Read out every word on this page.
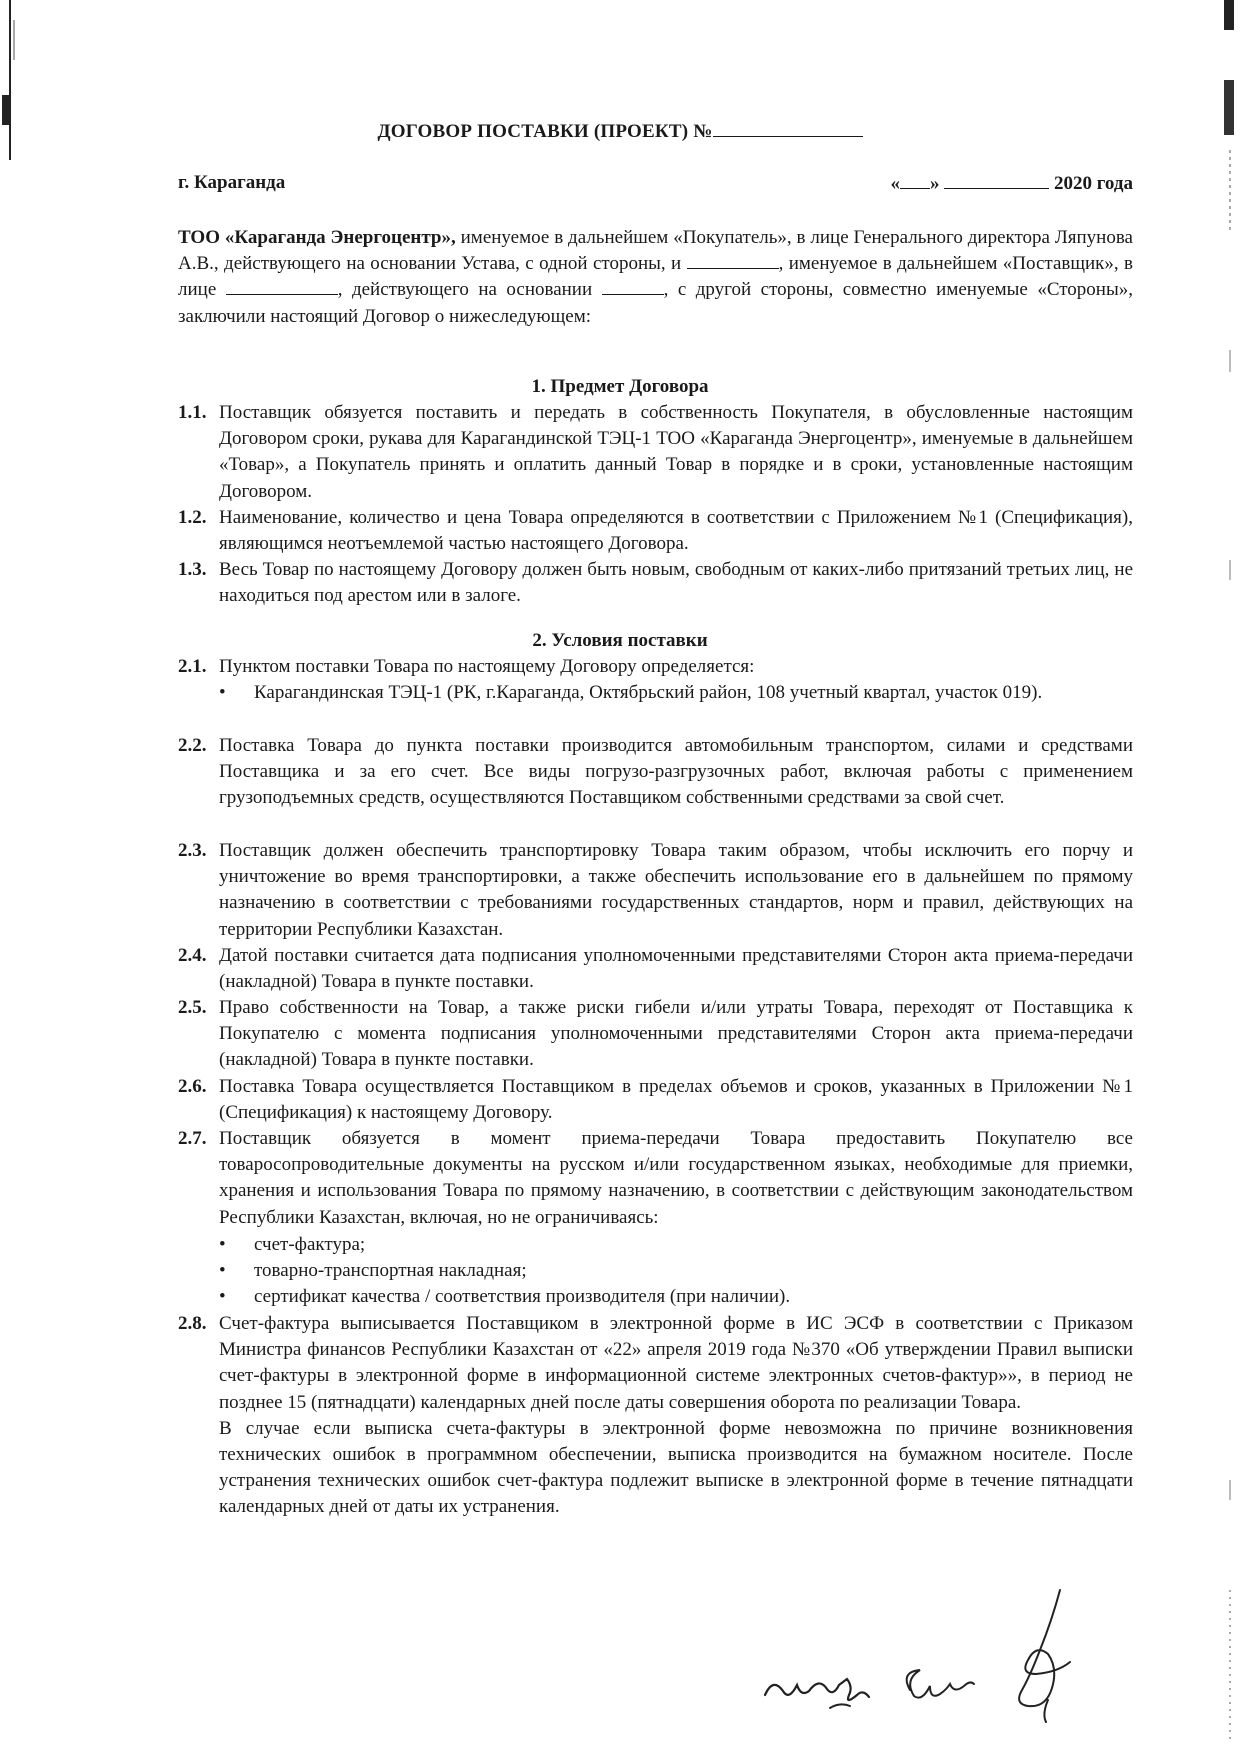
ДОГОВОР ПОСТАВКИ (ПРОЕКТ) №
г. Караганда	« »	2020 года

ТОО «Караганда Энергоцентр», именуемое в дальнейшем «Покупатель», в лице Генерального директора Ляпунова А.В., действующего на основании Устава, с одной стороны, и	, именуемое в дальнейшем «Поставщик», в лице	, действующего на основании	, с другой стороны, совместно именуемые «Стороны», заключили настоящий Договор о нижеследующем:

1. Предмет Договора
1.1. Поставщик обязуется поставить и передать в собственность Покупателя, в обусловленные настоящим Договором сроки, рукава для Карагандинской ТЭЦ-1 ТОО «Караганда Энергоцентр», именуемые в дальнейшем «Товар», а Покупатель принять и оплатить данный Товар в порядке и в сроки, установленные настоящим Договором.
1.2. Наименование, количество и цена Товара определяются в соответствии с Приложением №1 (Спецификация), являющимся неотъемлемой частью настоящего Договора.
1.3. Весь Товар по настоящему Договору должен быть новым, свободным от каких-либо притязаний третьих лиц, не находиться под арестом или в залоге.
2. Условия поставки
2.1. Пунктом поставки Товара по настоящему Договору определяется:
• Карагандинская ТЭЦ-1 (РК, г.Караганда, Октябрьский район, 108 учетный квартал, участок 019).
2.2. Поставка Товара до пункта поставки производится автомобильным транспортом, силами и средствами Поставщика и за его счет. Все виды погрузо-разгрузочных работ, включая работы с применением грузоподъемных средств, осуществляются Поставщиком собственными средствами за свой счет.
2.3. Поставщик должен обеспечить транспортировку Товара таким образом, чтобы исключить его порчу и уничтожение во время транспортировки, а также обеспечить использование его в дальнейшем по прямому назначению в соответствии с требованиями государственных стандартов, норм и правил, действующих на территории Республики Казахстан.
2.4. Датой поставки считается дата подписания уполномоченными представителями Сторон акта приема-передачи (накладной) Товара в пункте поставки.
2.5. Право собственности на Товар, а также риски гибели и/или утраты Товара, переходят от Поставщика к Покупателю с момента подписания уполномоченными представителями Сторон акта приема-передачи (накладной) Товара в пункте поставки.
2.6. Поставка Товара осуществляется Поставщиком в пределах объемов и сроков, указанных в Приложении №1 (Спецификация) к настоящему Договору.
2.7. Поставщик обязуется в момент приема-передачи Товара предоставить Покупателю все товаросопроводительные документы на русском и/или государственном языках, необходимые для приемки, хранения и использования Товара по прямому назначению, в соответствии с действующим законодательством Республики Казахстан, включая, но не ограничиваясь:
• счет-фактура;
• товарно-транспортная накладная;
• сертификат качества / соответствия производителя (при наличии).
2.8. Счет-фактура выписывается Поставщиком в электронной форме в ИС ЭСФ в соответствии с Приказом Министра финансов Республики Казахстан от «22» апреля 2019 года №370 «Об утверждении Правил выписки счет-фактуры в электронной форме в информационной системе электронных счетов-фактур»», в период не позднее 15 (пятнадцати) календарных дней после даты совершения оборота по реализации Товара.
В случае если выписка счета-фактуры в электронной форме невозможна по причине возникновения технических ошибок в программном обеспечении, выписка производится на бумажном носителе. После устранения технических ошибок счет-фактура подлежит выписке в электронной форме в течение пятнадцати календарных дней от даты их устранения.
